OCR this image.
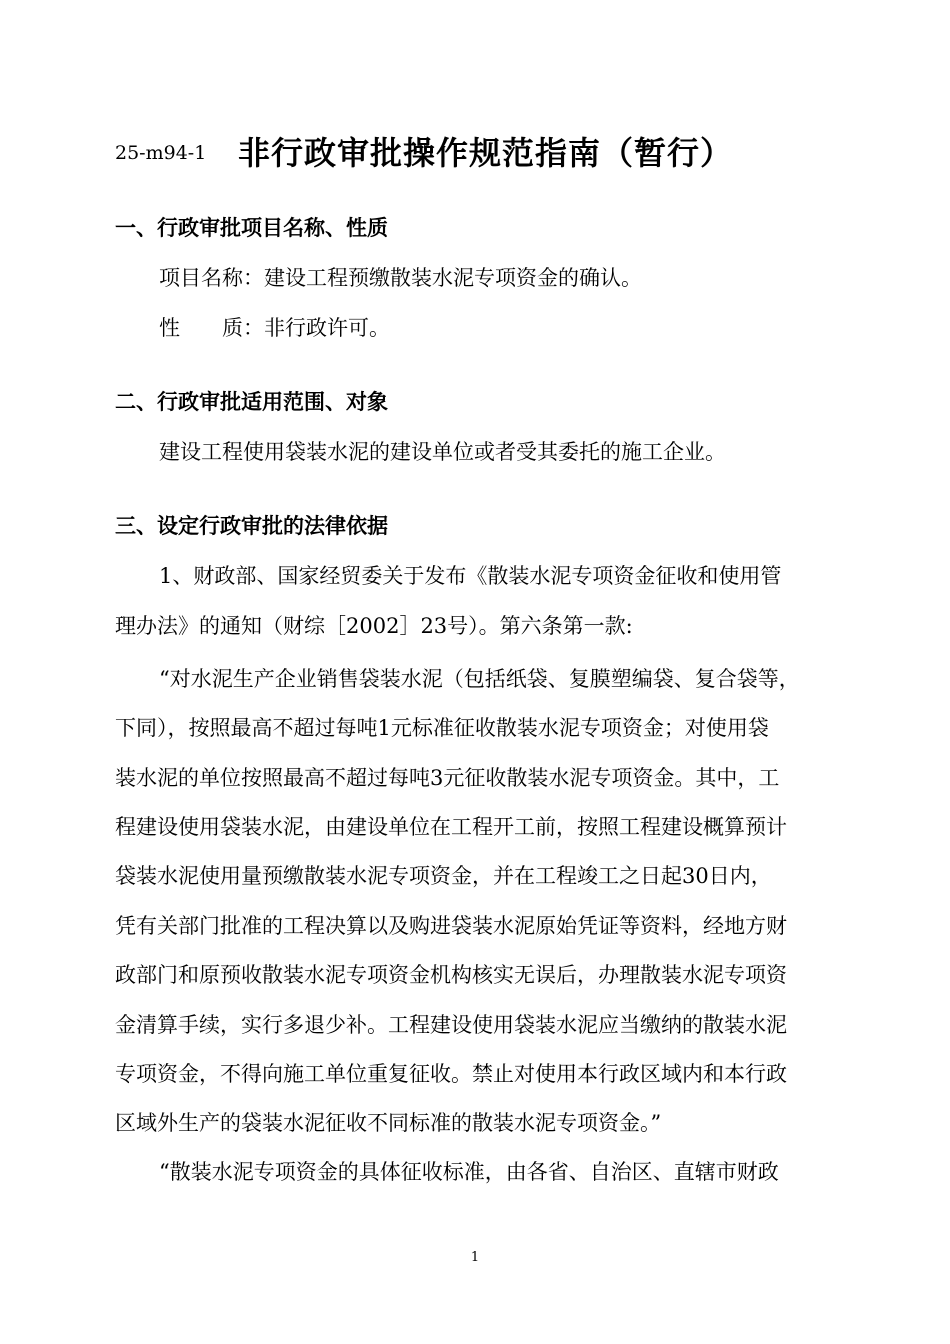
25-m94-1 非行政审批操作规范指南（暂行）
一、行政审批项目名称、性质
项目名称：建设工程预缴散装水泥专项资金的确认。
性　　质：非行政许可。
二、行政审批适用范围、对象
建设工程使用袋装水泥的建设单位或者受其委托的施工企业。
三、设定行政审批的法律依据
1、财政部、国家经贸委关于发布《散装水泥专项资金征收和使用管
理办法》的通知（财综［2002］23号）。第六条第一款:
“对水泥生产企业销售袋装水泥（包括纸袋、复膜塑编袋、复合袋等，
下同），按照最高不超过每吨1元标准征收散装水泥专项资金；对使用袋
装水泥的单位按照最高不超过每吨3元征收散装水泥专项资金。其中，工
程建设使用袋装水泥，由建设单位在工程开工前，按照工程建设概算预计
袋装水泥使用量预缴散装水泥专项资金，并在工程竣工之日起30日内，
凭有关部门批准的工程决算以及购进袋装水泥原始凭证等资料，经地方财
政部门和原预收散装水泥专项资金机构核实无误后，办理散装水泥专项资
金清算手续，实行多退少补。工程建设使用袋装水泥应当缴纳的散装水泥
专项资金，不得向施工单位重复征收。禁止对使用本行政区域内和本行政
区域外生产的袋装水泥征收不同标准的散装水泥专项资金。”
“散装水泥专项资金的具体征收标准，由各省、自治区、直辖市财政
1
